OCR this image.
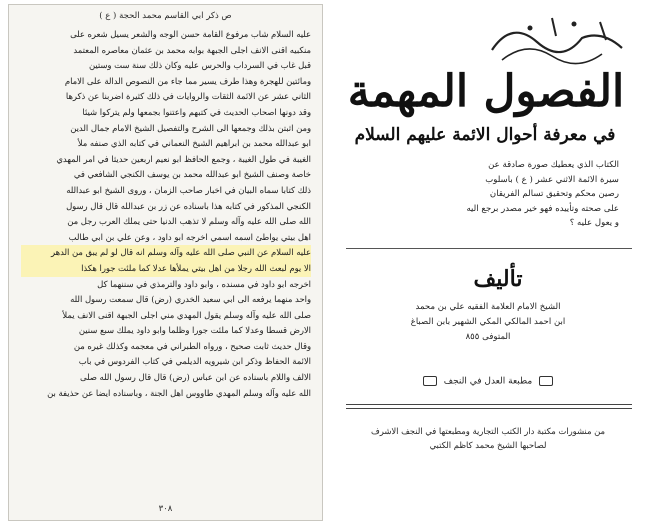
ص ذكر ابي القاسم محمد الحجة ( ع )
عليه السلام شاب مرفوع القامة حسن الوجه والشعر يسيل شعره على
منكبيه اقنى الانف اجلى الجبهة بوابه محمد بن عثمان معاصره المعتمد
قبل غاب في السرداب والحرس عليه وكان ذلك سنة ست وستين
ومائتين للهجرة وهذا طرف يسير مما جاء من النصوص الدالة على الامام
الثاني عشر عن الائمة الثقات والروايات في ذلك كثيرة اضربنا عن ذكرها
وقد دونها اصحاب الحديث في كتبهم واعتنوا بجمعها ولم يتركوا شيئا
ومن اثبتن بذلك وجمعها الى الشرح والتفصيل الشيخ الامام جمال الدين
ابو عبدالله محمد بن ابراهيم الشيخ النعماني في كتابه الذي صنفه ملأ
الغيبة في طول الغيبة ، وجمع الحافظ ابو نعيم اربعين حديثا في امر المهدي
خاصة وصنف الشيخ ابو عبدالله محمد بن يوسف الكنجي الشافعي في
ذلك كتابا سماه البيان في اخبار صاحب الزمان ، وروى الشيخ ابو عبدالله
الكنجي المذكور في كتابه هذا باسناده عن زر بن عبدالله قال قال رسول
الله صلى الله عليه وآله وسلم لا تذهب الدنيا حتى يملك العرب رجل من
اهل بيتي يواطئ اسمه اسمي اخرجه ابو داود ، وعن علي بن ابي طالب
عليه السلام عن النبي صلى الله عليه وآله وسلم انه قال لو لم يبق من الدهر
الا يوم لبعث الله رجلا من اهل بيتي يملأها عدلا كما ملئت جورا هكذا
اخرجه ابو داود في مسنده ، وابو داود والترمذي في سننهما كل
واحد منهما يرفعه الى ابي سعيد الخدري (رض) قال سمعت رسول الله
صلى الله عليه وآله وسلم يقول المهدي مني اجلى الجبهة اقنى الانف يملأ
الارض قسطا وعدلا كما ملئت جورا وظلما وابو داود يملك سبع سنين
وقال حديث ثابت صحيح ، ورواه الطبراني في معجمه وكذلك غيره من
الائمة الحفاظ وذكر ابن شيرويه الديلمي في كتاب الفردوس في باب
الالف واللام باسناده عن ابن عباس (رض) قال قال رسول الله صلى
الله عليه وآله وسلم المهدي طاووس اهل الجنة ، وباسناده ايضا عن حذيفة بن
٣٠٨
الفصول المهمة
في معرفة أحوال الائمة عليهم السلام
الكتاب الذي يعطيك صورة صادقة عن
سيرة الائمة الاثني عشر ( ع ) باسلوب
رصين محكم وتحقيق تسالم الفريقان
على صحته وتأييده فهو خير مصدر برجع اليه
و يعول عليه ؟
تأليف
الشيخ الامام العلامة الفقيه علي بن محمد
ابن احمد المالكي المكي الشهير بابن الصباغ
المتوفى ٨٥٥
مطبعة العدل في النجف
من منشورات مكتبة دار الكتب التجارية ومطبعتها في النجف الاشرف
لصاحبها الشيخ محمد كاظم الكتبي
